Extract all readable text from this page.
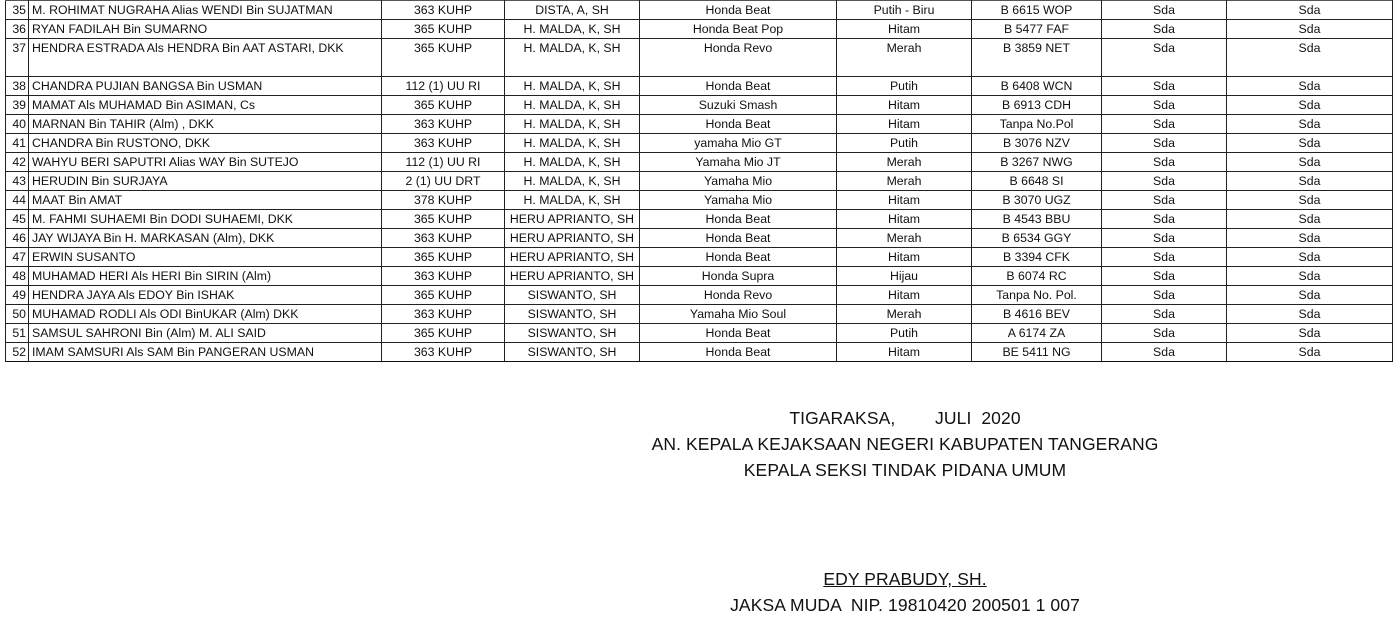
35	M. ROHIMAT NUGRAHA Alias WENDI Bin SUJATMAN	363 KUHP	DISTA, A, SH	Honda Beat	Putih - Biru	B 6615 WOP	Sda	Sda
36	RYAN FADILAH Bin SUMARNO	365 KUHP	H. MALDA, K, SH	Honda Beat Pop	Hitam	B 5477 FAF	Sda	Sda
37	HENDRA ESTRADA Als HENDRA Bin AAT ASTARI, DKK	365 KUHP	H. MALDA, K, SH	Honda Revo	Merah	B 3859 NET	Sda	Sda
38	CHANDRA PUJIAN BANGSA Bin USMAN	112 (1) UU RI	H. MALDA, K, SH	Honda Beat	Putih	B 6408 WCN	Sda	Sda
39	MAMAT Als MUHAMAD Bin ASIMAN, Cs	365 KUHP	H. MALDA, K, SH	Suzuki Smash	Hitam	B 6913 CDH	Sda	Sda
40	MARNAN Bin TAHIR (Alm) , DKK	363 KUHP	H. MALDA, K, SH	Honda Beat	Hitam	Tanpa No.Pol	Sda	Sda
41	CHANDRA Bin RUSTONO, DKK	363 KUHP	H. MALDA, K, SH	yamaha Mio GT	Putih	B 3076 NZV	Sda	Sda
42	WAHYU BERI SAPUTRI Alias WAY Bin SUTEJO	112 (1) UU RI	H. MALDA, K, SH	Yamaha Mio JT	Merah	B 3267 NWG	Sda	Sda
43	HERUDIN Bin SURJAYA	2 (1) UU DRT	H. MALDA, K, SH	Yamaha Mio	Merah	B 6648 SI	Sda	Sda
44	MAAT Bin AMAT	378 KUHP	H. MALDA, K, SH	Yamaha Mio	Hitam	B 3070 UGZ	Sda	Sda
45	M. FAHMI SUHAEMI Bin DODI SUHAEMI, DKK	365 KUHP	HERU APRIANTO, SH	Honda Beat	Hitam	B 4543 BBU	Sda	Sda
46	JAY WIJAYA Bin H. MARKASAN (Alm), DKK	363 KUHP	HERU APRIANTO, SH	Honda Beat	Merah	B 6534 GGY	Sda	Sda
47	ERWIN SUSANTO	365 KUHP	HERU APRIANTO, SH	Honda Beat	Hitam	B 3394 CFK	Sda	Sda
48	MUHAMAD HERI Als HERI Bin SIRIN (Alm)	363 KUHP	HERU APRIANTO, SH	Honda Supra	Hijau	B 6074 RC	Sda	Sda
49	HENDRA JAYA Als EDOY Bin ISHAK	365 KUHP	SISWANTO, SH	Honda Revo	Hitam	Tanpa No. Pol.	Sda	Sda
50	MUHAMAD RODLI Als ODI BinUKAR (Alm) DKK	363 KUHP	SISWANTO, SH	Yamaha Mio Soul	Merah	B 4616 BEV	Sda	Sda
51	SAMSUL SAHRONI Bin (Alm) M. ALI SAID	365 KUHP	SISWANTO, SH	Honda Beat	Putih	A 6174 ZA	Sda	Sda
52	IMAM SAMSURI Als SAM Bin PANGERAN USMAN	363 KUHP	SISWANTO, SH	Honda Beat	Hitam	BE 5411 NG	Sda	Sda
TIGARAKSA,        JULI  2020
AN. KEPALA KEJAKSAAN NEGERI KABUPATEN TANGERANG
KEPALA SEKSI TINDAK PIDANA UMUM
EDY PRABUDY, SH.
JAKSA MUDA  NIP. 19810420 200501 1 007
